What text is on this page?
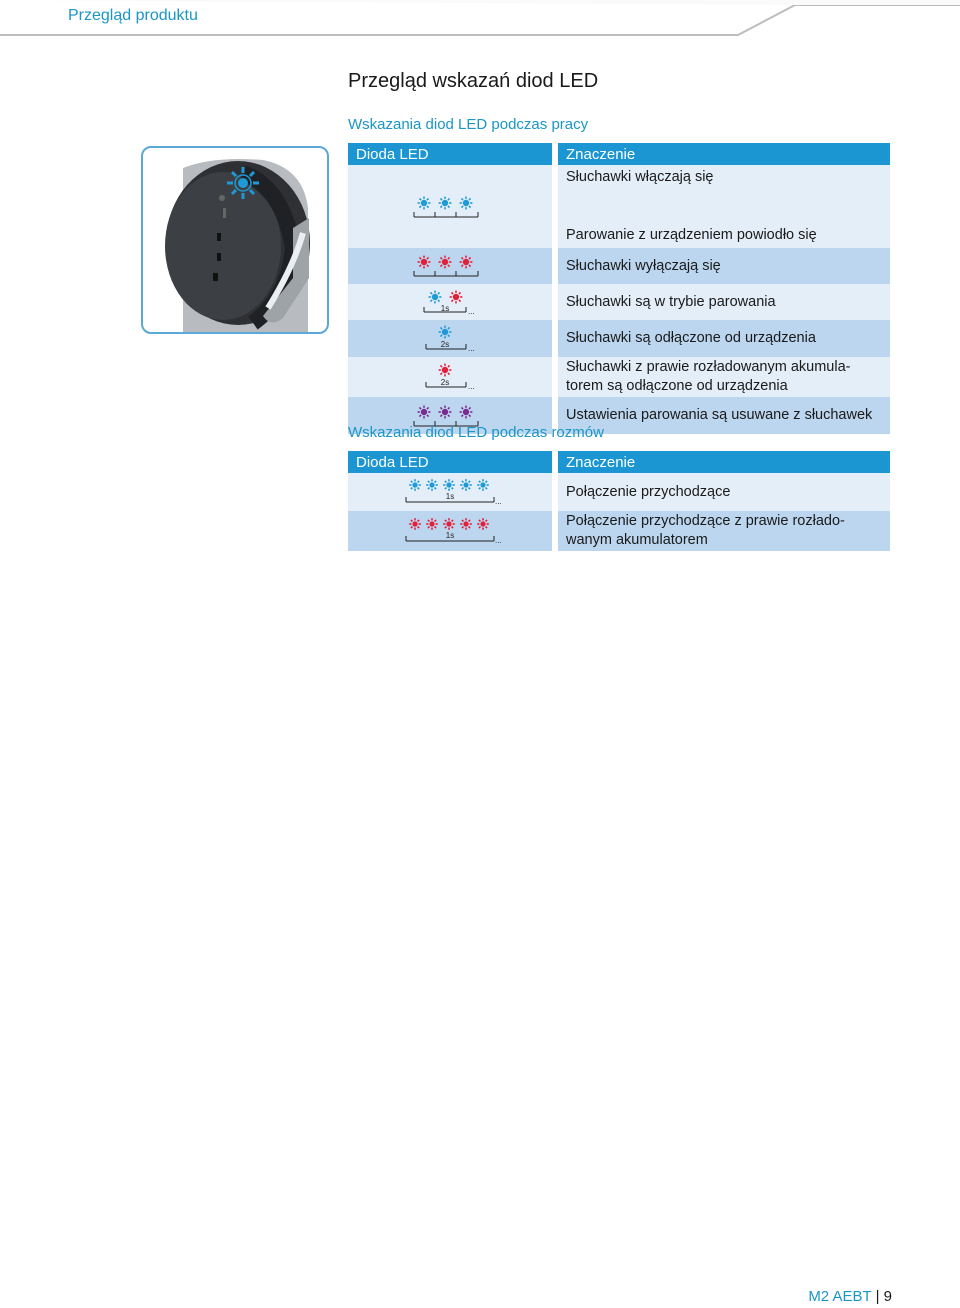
Przegląd produktu
Przegląd wskazań diod LED
Wskazania diod LED podczas pracy
Dioda LED	Znaczenie

	Słuchawki włączają się
	Parowanie z urządzeniem powiodło się

	Słuchawki wyłączają się

1s ...	Słuchawki są w trybie parowania

2s ...	Słuchawki są odłączone od urządzenia

2s ...	Słuchawki z prawie rozładowanym akumula-
torem są odłączone od urządzenia

	Ustawienia parowania są usuwane z słuchawek
Wskazania diod LED podczas rozmów
Dioda LED	Znaczenie

1s
...	Połączenie przychodzące

1s
...	Połączenie przychodzące z prawie rozłado-
wanym akumulatorem
M2 AEBT | 9
